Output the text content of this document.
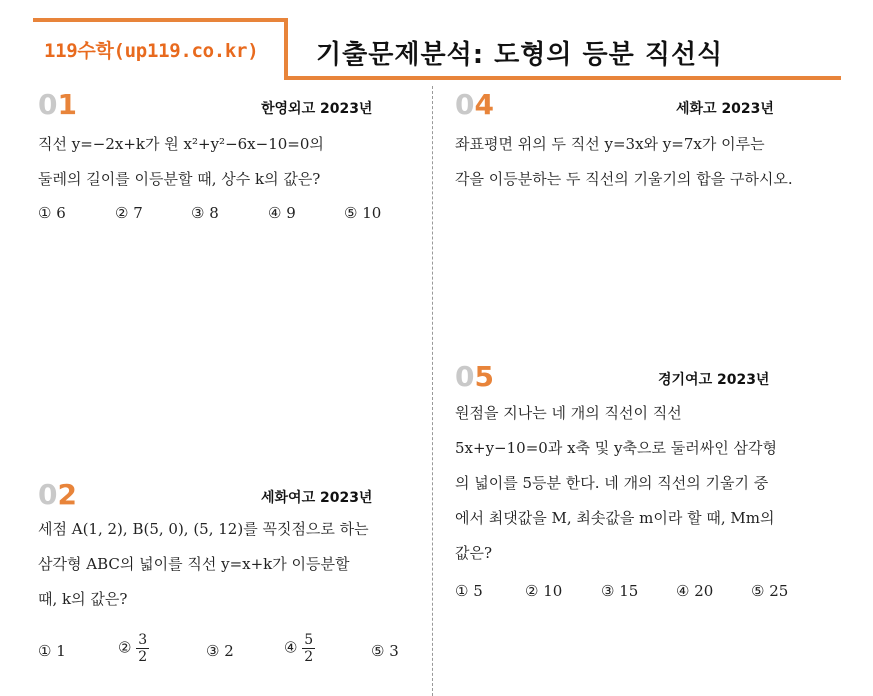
119수학(up119.co.kr) 기출문제분석: 도형의 등분 직선식
01	한영외고 2023년
직선 y=−2x+k가 원 x²+y²−6x−10=0의
둘레의 길이를 이등분할 때, 상수 k의 값은?
① 6	② 7	③ 8	④ 9	⑤ 10
02	세화여고 2023년
세점 A(1, 2), B(5, 0), (5, 12)를 꼭짓점으로 하는
삼각형 ABC의 넓이를 직선 y=x+k가 이등분할
때, k의 값은?
① 1	② $\frac{3}{2}$	③ 2	④ $\frac{5}{2}$	⑤ 3
04	세화고 2023년
좌표평면 위의 두 직선 y=3x와 y=7x가 이루는
각을 이등분하는 두 직선의 기울기의 합을 구하시오.
05	경기여고 2023년
원점을 지나는 네 개의 직선이 직선
5x+y−10=0과 x축 및 y축으로 둘러싸인 삼각형
의 넓이를 5등분 한다. 네 개의 직선의 기울기 중
에서 최댓값을 M, 최솟값을 m이라 할 때, Mm의
값은?
① 5	② 10	③ 15	④ 20	⑤ 25
